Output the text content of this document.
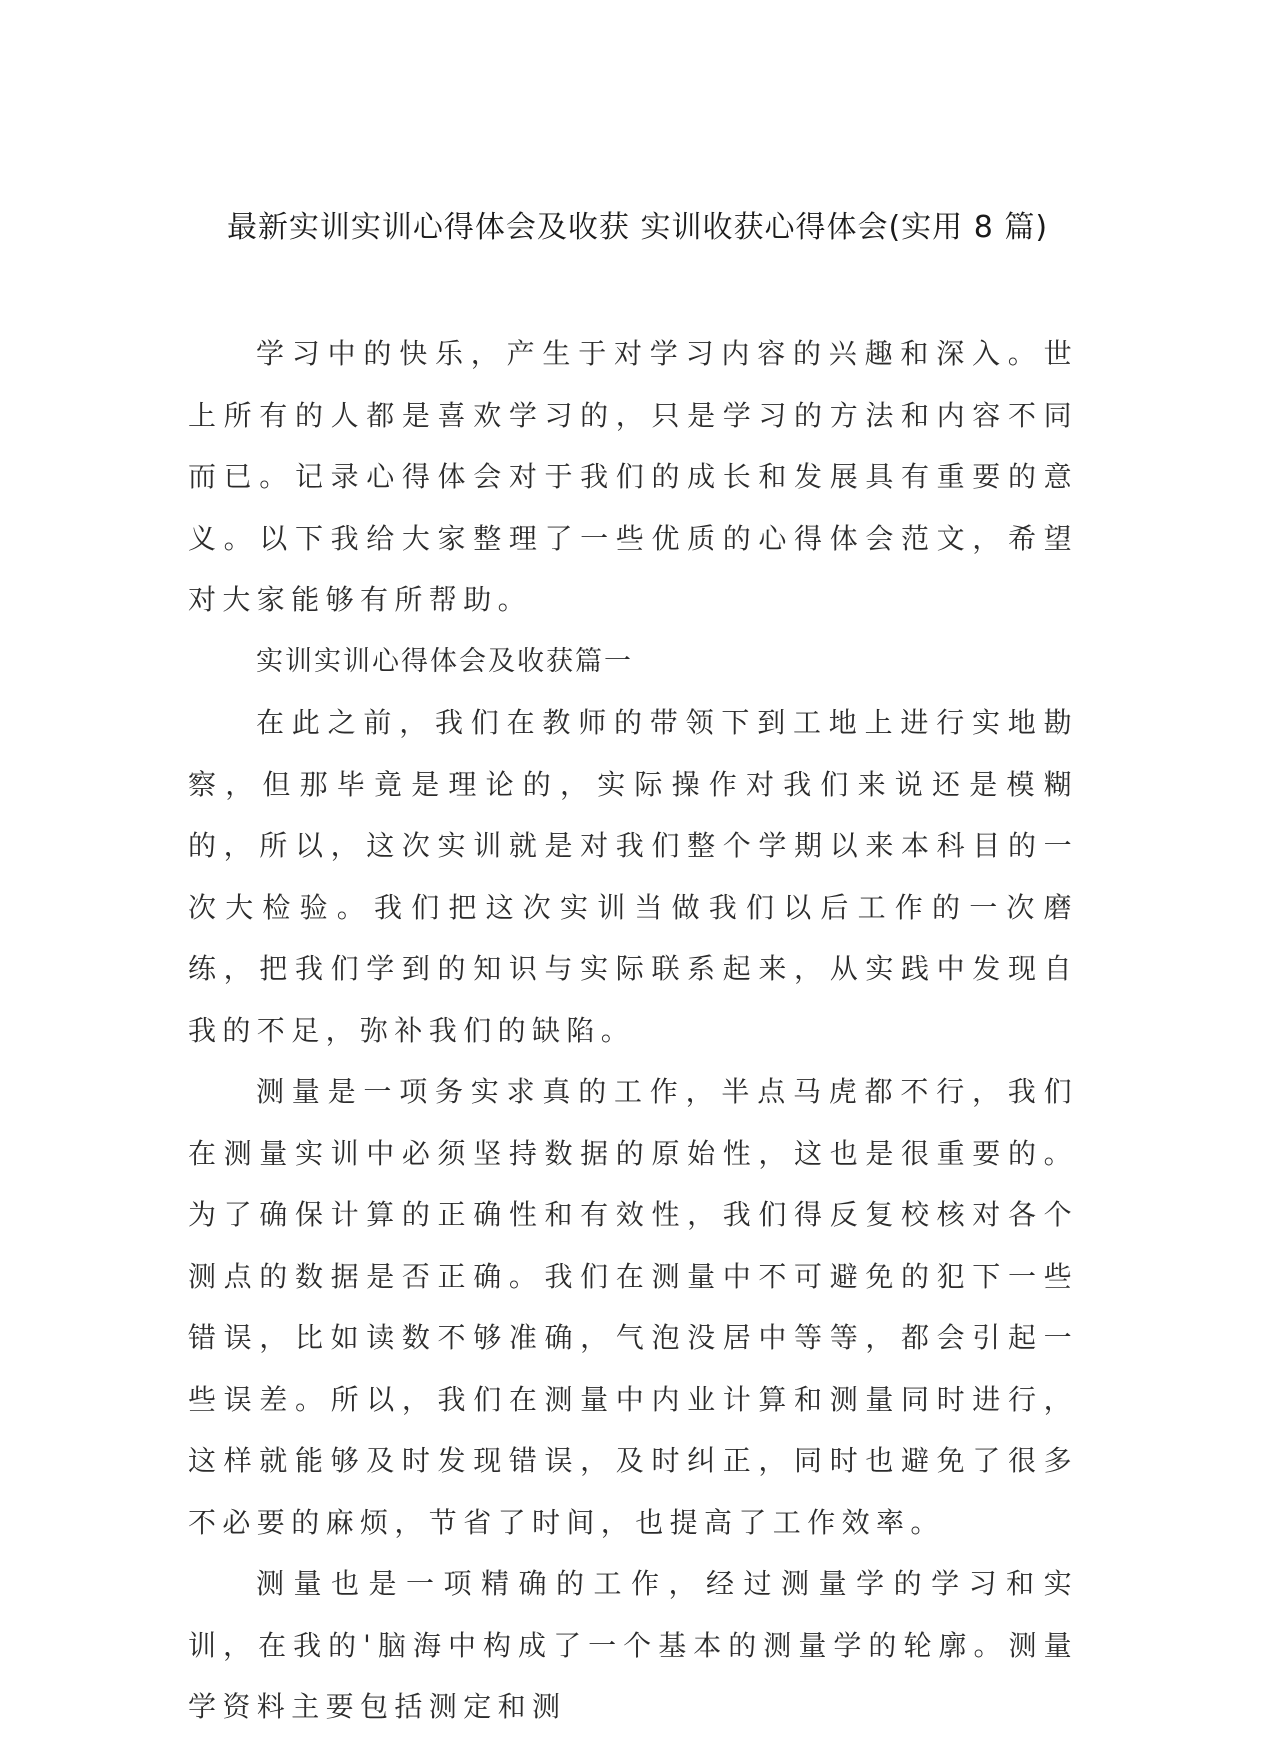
最新实训实训心得体会及收获 实训收获心得体会(实用 8 篇)

学习中的快乐，产生于对学习内容的兴趣和深入。世上所有的人都是喜欢学习的，只是学习的方法和内容不同而已。记录心得体会对于我们的成长和发展具有重要的意义。以下我给大家整理了一些优质的心得体会范文，希望对大家能够有所帮助。

实训实训心得体会及收获篇一

在此之前，我们在教师的带领下到工地上进行实地勘察，但那毕竟是理论的，实际操作对我们来说还是模糊的，所以，这次实训就是对我们整个学期以来本科目的一次大检验。我们把这次实训当做我们以后工作的一次磨练，把我们学到的知识与实际联系起来，从实践中发现自我的不足，弥补我们的缺陷。

测量是一项务实求真的工作，半点马虎都不行，我们在测量实训中必须坚持数据的原始性，这也是很重要的。为了确保计算的正确性和有效性，我们得反复校核对各个测点的数据是否正确。我们在测量中不可避免的犯下一些错误，比如读数不够准确，气泡没居中等等，都会引起一些误差。所以，我们在测量中内业计算和测量同时进行，这样就能够及时发现错误，及时纠正，同时也避免了很多不必要的麻烦，节省了时间，也提高了工作效率。

测量也是一项精确的工作，经过测量学的学习和实训，在我的'脑海中构成了一个基本的测量学的轮廓。测量学资料主要包括测定和测
